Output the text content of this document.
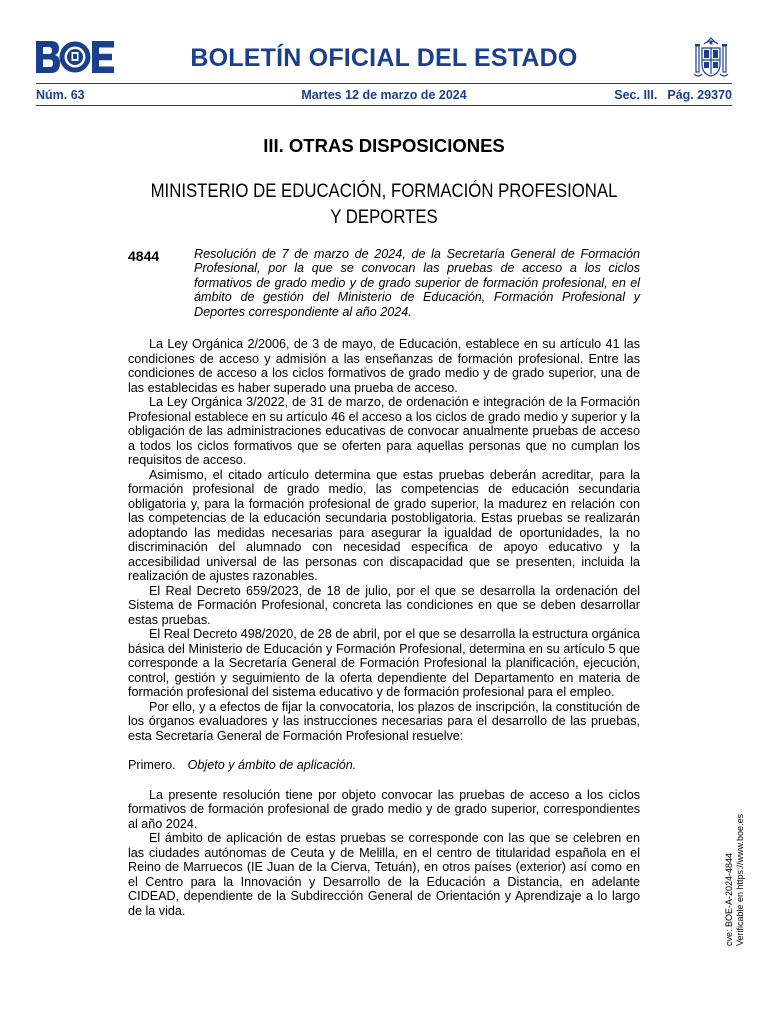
BOLETÍN OFICIAL DEL ESTADO
Núm. 63	Martes 12 de marzo de 2024	Sec. III. Pág. 29370
III. OTRAS DISPOSICIONES
MINISTERIO DE EDUCACIÓN, FORMACIÓN PROFESIONAL
Y DEPORTES
4844	Resolución de 7 de marzo de 2024, de la Secretaría General de Formación Profesional, por la que se convocan las pruebas de acceso a los ciclos formativos de grado medio y de grado superior de formación profesional, en el ámbito de gestión del Ministerio de Educación, Formación Profesional y Deportes correspondiente al año 2024.

La Ley Orgánica 2/2006, de 3 de mayo, de Educación, establece en su artículo 41 las condiciones de acceso y admisión a las enseñanzas de formación profesional. Entre las condiciones de acceso a los ciclos formativos de grado medio y de grado superior, una de las establecidas es haber superado una prueba de acceso.

La Ley Orgánica 3/2022, de 31 de marzo, de ordenación e integración de la Formación Profesional establece en su artículo 46 el acceso a los ciclos de grado medio y superior y la obligación de las administraciones educativas de convocar anualmente pruebas de acceso a todos los ciclos formativos que se oferten para aquellas personas que no cumplan los requisitos de acceso.

Asimismo, el citado artículo determina que estas pruebas deberán acreditar, para la formación profesional de grado medio, las competencias de educación secundaria obligatoria y, para la formación profesional de grado superior, la madurez en relación con las competencias de la educación secundaria postobligatoria. Estas pruebas se realizarán adoptando las medidas necesarias para asegurar la igualdad de oportunidades, la no discriminación del alumnado con necesidad específica de apoyo educativo y la accesibilidad universal de las personas con discapacidad que se presenten, incluida la realización de ajustes razonables.

El Real Decreto 659/2023, de 18 de julio, por el que se desarrolla la ordenación del Sistema de Formación Profesional, concreta las condiciones en que se deben desarrollar estas pruebas.

El Real Decreto 498/2020, de 28 de abril, por el que se desarrolla la estructura orgánica básica del Ministerio de Educación y Formación Profesional, determina en su artículo 5 que corresponde a la Secretaría General de Formación Profesional la planificación, ejecución, control, gestión y seguimiento de la oferta dependiente del Departamento en materia de formación profesional del sistema educativo y de formación profesional para el empleo.

Por ello, y a efectos de fijar la convocatoria, los plazos de inscripción, la constitución de los órganos evaluadores y las instrucciones necesarias para el desarrollo de las pruebas, esta Secretaría General de Formación Profesional resuelve:

Primero. Objeto y ámbito de aplicación.

La presente resolución tiene por objeto convocar las pruebas de acceso a los ciclos formativos de formación profesional de grado medio y de grado superior, correspondientes al año 2024.

El ámbito de aplicación de estas pruebas se corresponde con las que se celebren en las ciudades autónomas de Ceuta y de Melilla, en el centro de titularidad española en el Reino de Marruecos (IE Juan de la Cierva, Tetuán), en otros países (exterior) así como en el Centro para la Innovación y Desarrollo de la Educación a Distancia, en adelante CIDEAD, dependiente de la Subdirección General de Orientación y Aprendizaje a lo largo de la vida.	cve: BOE-A-2024-4844 Verificable en https://www.boe.es
